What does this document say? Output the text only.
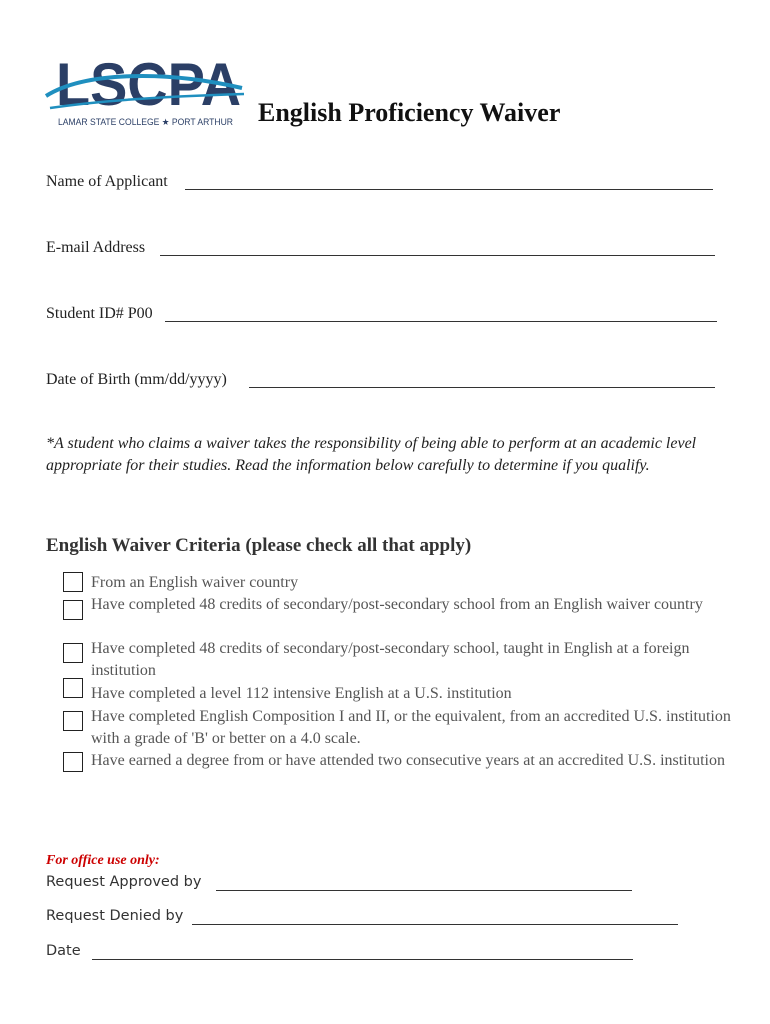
LSCPA
LAMAR STATE COLLEGE ★ PORT ARTHUR English Proficiency Waiver
Name of Applicant
E-mail Address
Student ID# P00
Date of Birth (mm/dd/yyyy)
*A student who claims a waiver takes the responsibility of being able to perform at an academic level appropriate for their studies. Read the information below carefully to determine if you qualify.
English Waiver Criteria (please check all that apply)
From an English waiver country
Have completed 48 credits of secondary/post-secondary school from an English waiver country
Have completed 48 credits of secondary/post-secondary school, taught in English at a foreign institution
Have completed a level 112 intensive English at a U.S. institution
Have completed English Composition I and II, or the equivalent, from an accredited U.S. institution with a grade of 'B' or better on a 4.0 scale.
Have earned a degree from or have attended two consecutive years at an accredited U.S. institution
For office use only:
Request Approved by
Request Denied by
Date
